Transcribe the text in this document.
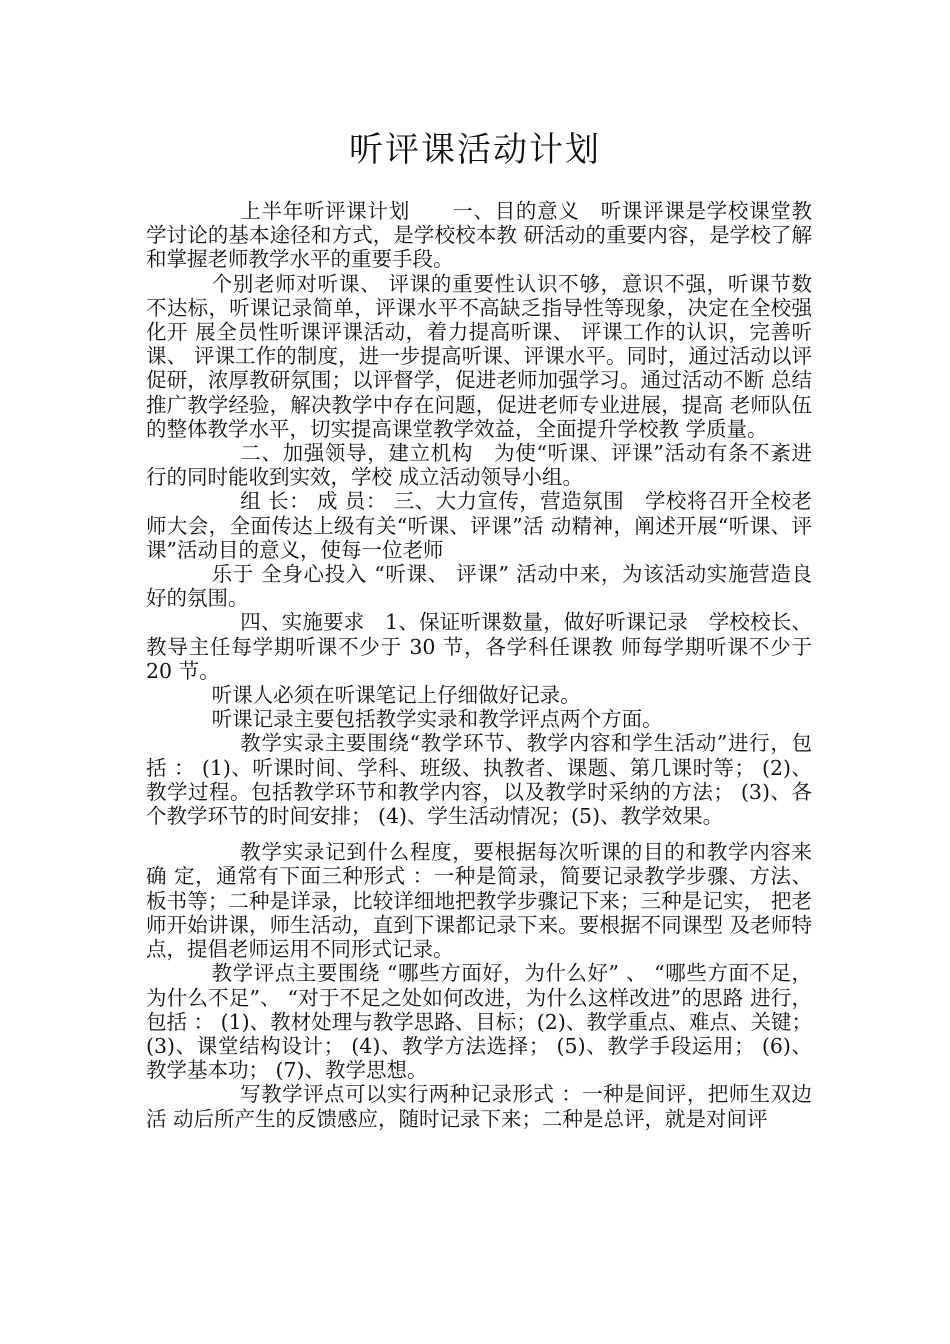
听评课活动计划

上半年听评课计划　　一、目的意义　听课评课是学校课堂教学讨论的基本途径和方式，是学校校本教 研活动的重要内容，是学校了解和掌握老师教学水平的重要手段。

个别老师对听课、 评课的重要性认识不够，意识不强，听课节数不达标，听课记录简单，评课水平不高缺乏指导性等现象，决定在全校强化开 展全员性听课评课活动，着力提高听课、 评课工作的认识，完善听课、 评课工作的制度，进一步提高听课、评课水平。同时，通过活动以评 促研，浓厚教研氛围；以评督学，促进老师加强学习。通过活动不断 总结推广教学经验，解决教学中存在问题，促进老师专业进展，提高 老师队伍的整体教学水平，切实提高课堂教学效益，全面提升学校教 学质量。

二、加强领导，建立机构　为使“听课、评课”活动有条不紊进行的同时能收到实效，学校 成立活动领导小组。

组 长： 成 员： 三、大力宣传，营造氛围　学校将召开全校老师大会，全面传达上级有关“听课、评课”活 动精神，阐述开展“听课、评课”活动目的意义，使每一位老师

乐于 全身心投入 “听课、 评课” 活动中来，为该活动实施营造良好的氛围。

四、实施要求　1、保证听课数量，做好听课记录　学校校长、教导主任每学期听课不少于 30 节，各学科任课教 师每学期听课不少于 20 节。

听课人必须在听课笔记上仔细做好记录。

听课记录主要包括教学实录和教学评点两个方面。

教学实录主要围绕“教学环节、教学内容和学生活动”进行，包 括 ： (1)、听课时间、学科、班级、执教者、课题、第几课时等； (2)、教学过程。包括教学环节和教学内容，以及教学时采纳的方法； (3)、各个教学环节的时间安排； (4)、学生活动情况；(5)、教学效果。

教学实录记到什么程度，要根据每次听课的目的和教学内容来确 定，通常有下面三种形式 ：一种是简录，简要记录教学步骤、方法、 板书等；二种是详录，比较详细地把教学步骤记下来；三种是记实， 把老师开始讲课，师生活动，直到下课都记录下来。要根据不同课型 及老师特点，提倡老师运用不同形式记录。

教学评点主要围绕 “哪些方面好，为什么好” 、 “哪些方面不足，为什么不足”、 “对于不足之处如何改进，为什么这样改进”的思路 进行，包括 ： (1)、教材处理与教学思路、目标；(2)、教学重点、难点、关键； (3)、课堂结构设计； (4)、教学方法选择； (5)、教学手段运用； (6)、教学基本功； (7)、教学思想。

写教学评点可以实行两种记录形式 ：一种是间评，把师生双边活 动后所产生的反馈感应，随时记录下来；二种是总评，就是对间评
